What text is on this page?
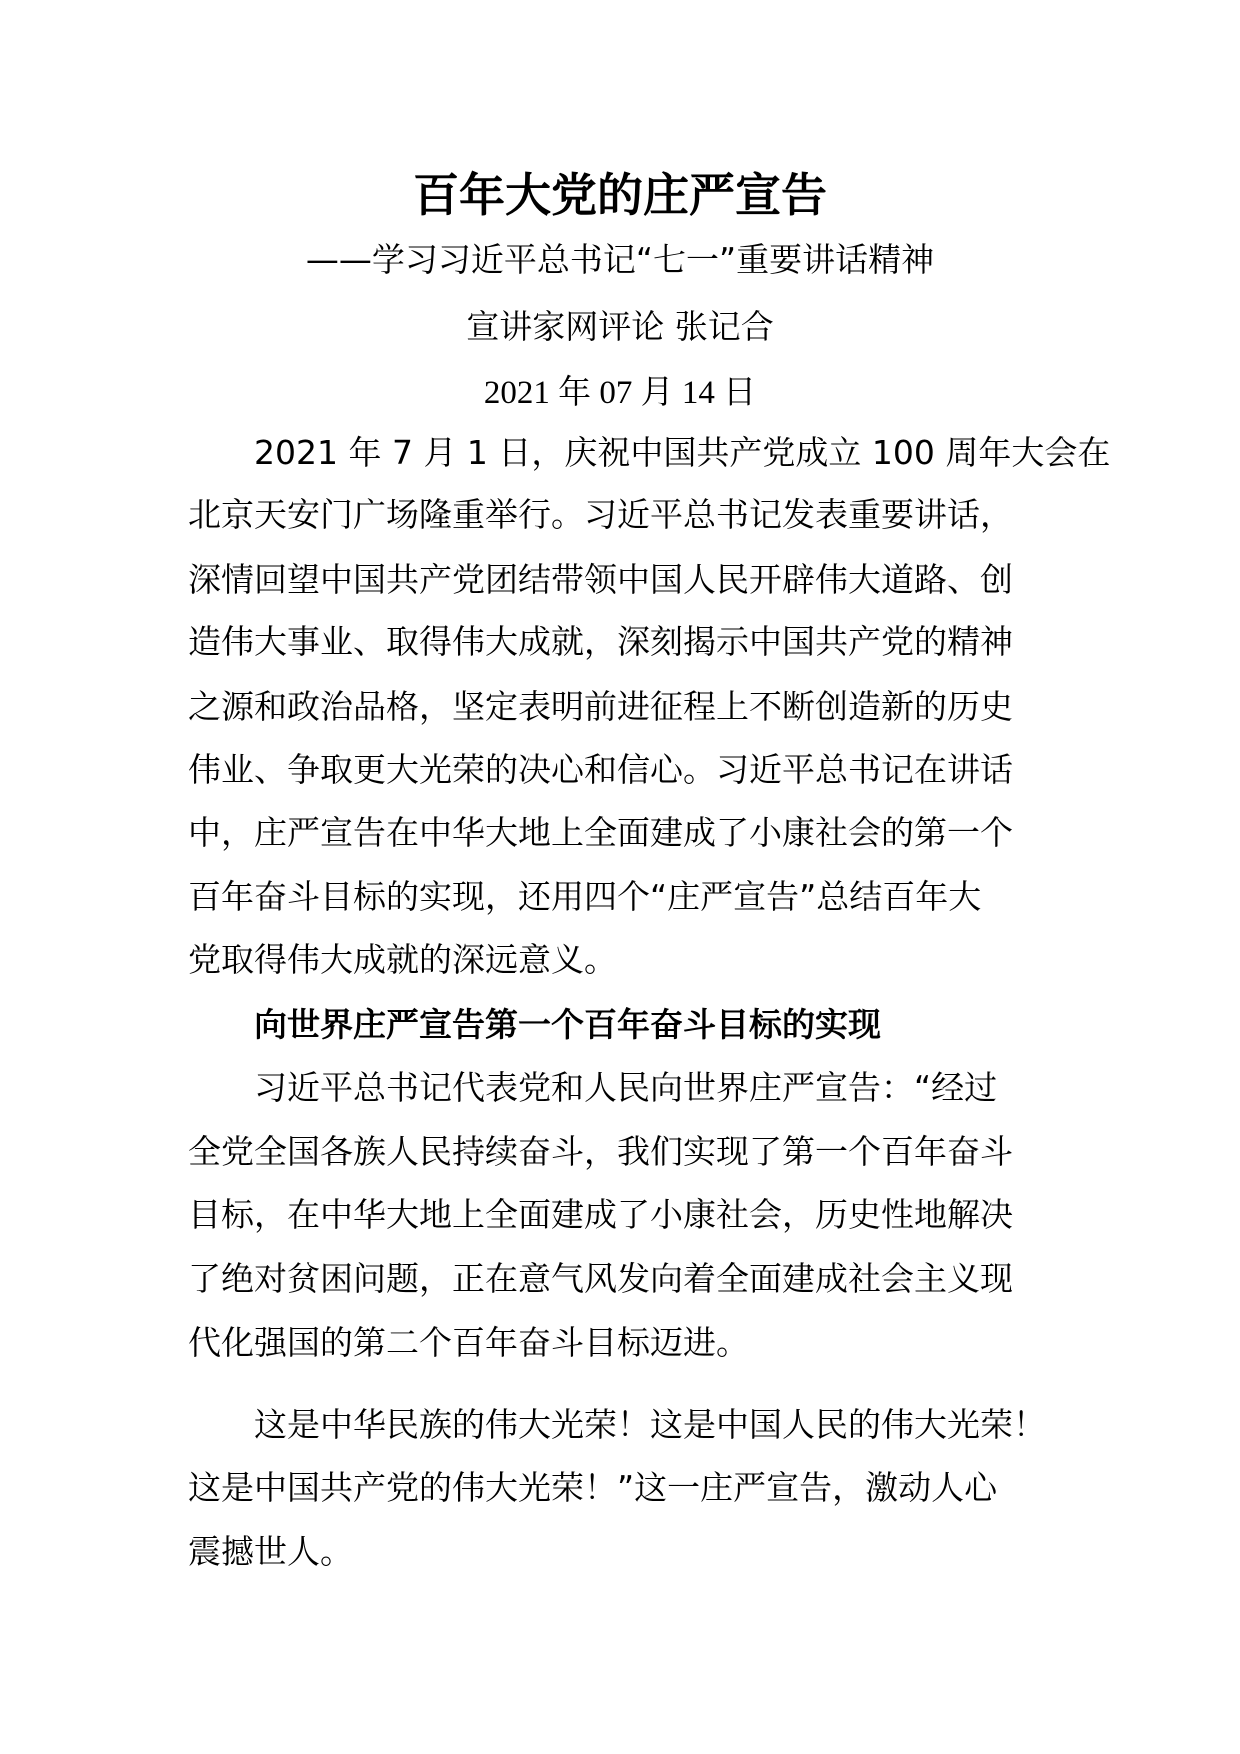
百年大党的庄严宣告
——学习习近平总书记“七一”重要讲话精神
宣讲家网评论 张记合
2021 年 07 月 14 日
2021 年 7 月 1 日，庆祝中国共产党成立 100 周年大会在
北京天安门广场隆重举行。习近平总书记发表重要讲话，
深情回望中国共产党团结带领中国人民开辟伟大道路、创
造伟大事业、取得伟大成就，深刻揭示中国共产党的精神
之源和政治品格，坚定表明前进征程上不断创造新的历史
伟业、争取更大光荣的决心和信心。习近平总书记在讲话
中，庄严宣告在中华大地上全面建成了小康社会的第一个
百年奋斗目标的实现，还用四个“庄严宣告”总结百年大
党取得伟大成就的深远意义。
向世界庄严宣告第一个百年奋斗目标的实现
习近平总书记代表党和人民向世界庄严宣告：“经过
全党全国各族人民持续奋斗，我们实现了第一个百年奋斗
目标，在中华大地上全面建成了小康社会，历史性地解决
了绝对贫困问题，正在意气风发向着全面建成社会主义现
代化强国的第二个百年奋斗目标迈进。
这是中华民族的伟大光荣！这是中国人民的伟大光荣！
这是中国共产党的伟大光荣！”这一庄严宣告，激动人心
震撼世人。
